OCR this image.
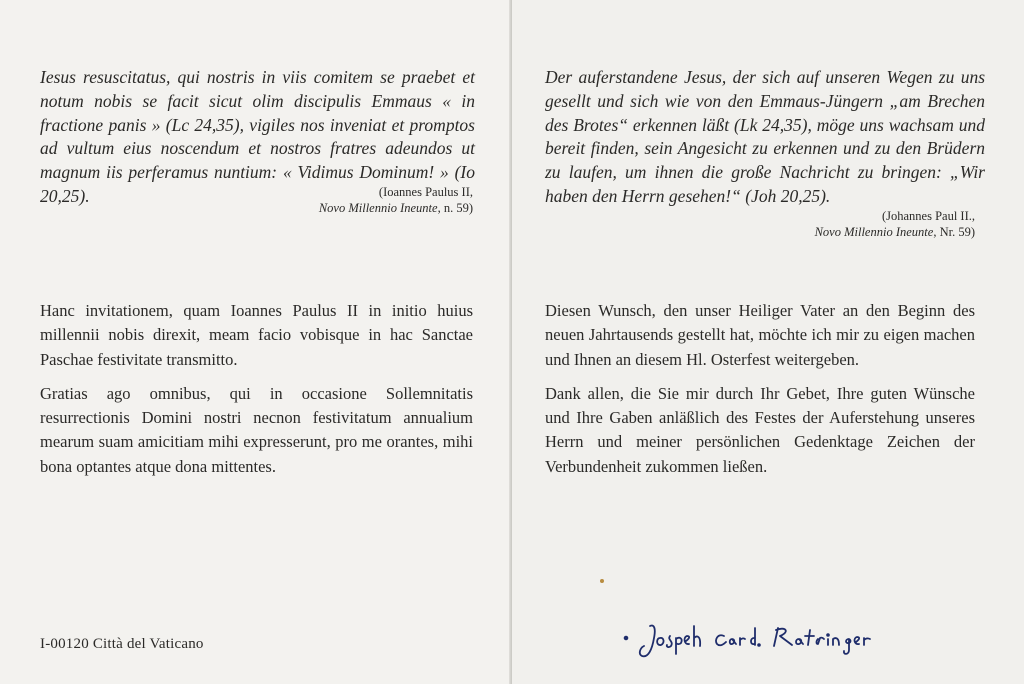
Iesus resuscitatus, qui nostris in viis comitem se praebet et notum nobis se facit sicut olim discipulis Emmaus « in fractione panis » (Lc 24,35), vigiles nos inveniat et promptos ad vultum eius noscendum et nostros fratres adeundos ut magnum iis perferamus nuntium: « Vidimus Dominum! » (Io 20,25).	(Ioannes Paulus II,
Novo Millennio Ineunte, n. 59)

Hanc invitationem, quam Ioannes Paulus II in initio huius millennii nobis direxit, meam facio vobisque in hac Sanctae Paschae festivitate transmitto.

Gratias ago omnibus, qui in occasione Sollemnitatis resurrectionis Domini nostri necnon festivitatum annualium mearum suam amicitiam mihi expresserunt, pro me orantes, mihi bona optantes atque dona mittentes.

I-00120 Città del Vaticano

Der auferstandene Jesus, der sich auf unseren Wegen zu uns gesellt und sich wie von den Emmaus-Jüngern „am Brechen des Brotes“ erkennen läßt (Lk 24,35), möge uns wachsam und bereit finden, sein Angesicht zu erkennen und zu den Brüdern zu laufen, um ihnen die große Nachricht zu bringen: „Wir haben den Herrn gesehen!“ (Joh 20,25).

(Johannes Paul II.,
Novo Millennio Ineunte, Nr. 59)

Diesen Wunsch, den unser Heiliger Vater an den Beginn des neuen Jahrtausends gestellt hat, möchte ich mir zu eigen machen und Ihnen an diesem Hl. Osterfest weitergeben.

Dank allen, die Sie mir durch Ihr Gebet, Ihre guten Wünsche und Ihre Gaben anläßlich des Festes der Auferstehung unseres Herrn und meiner persönlichen Gedenktage Zeichen der Verbundenheit zukommen ließen.
